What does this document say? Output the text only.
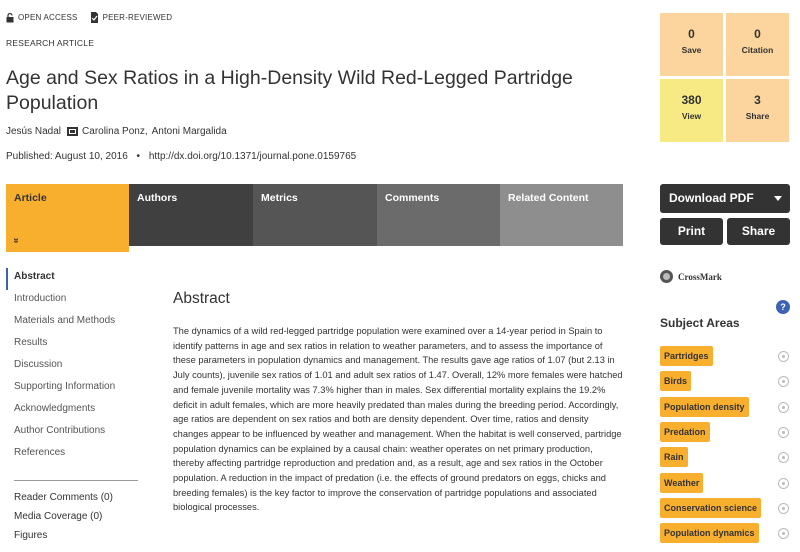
OPEN ACCESS	PEER-REVIEWED
RESEARCH ARTICLE
Age and Sex Ratios in a High-Density Wild Red-Legged Partridge Population
Jesús Nadal Carolina Ponz, Antoni Margalida
Published: August 10, 2016 • http://dx.doi.org/10.1371/journal.pone.0159765
Article
»
Authors	Metrics	Comments	Related Content
Abstract
Introduction
Materials and Methods
Results
Discussion
Supporting Information
Acknowledgments
Author Contributions
References
Reader Comments (0)
Media Coverage (0)
Figures
Abstract

The dynamics of a wild red-legged partridge population were examined over a 14-year period in Spain to identify patterns in age and sex ratios in relation to weather parameters, and to assess the importance of these parameters in population dynamics and management. The results gave age ratios of 1.07 (but 2.13 in July counts), juvenile sex ratios of 1.01 and adult sex ratios of 1.47. Overall, 12% more females were hatched and female juvenile mortality was 7.3% higher than in males. Sex differential mortality explains the 19.2% deficit in adult females, which are more heavily predated than males during the breeding period. Accordingly, age ratios are dependent on sex ratios and both are density dependent. Over time, ratios and density changes appear to be influenced by weather and management. When the habitat is well conserved, partridge population dynamics can be explained by a causal chain: weather operates on net primary production, thereby affecting partridge reproduction and predation and, as a result, age and sex ratios in the October population. A reduction in the impact of predation (i.e. the effects of ground predators on eggs, chicks and breeding females) is the key factor to improve the conservation of partridge populations and associated biological processes.

0
Save
0
Citation
380
View
3
Share
Download PDF
Print	Share
CrossMark
?
Subject Areas
Partridges
Birds
Population density
Predation
Rain
Weather
Conservation science
Population dynamics
